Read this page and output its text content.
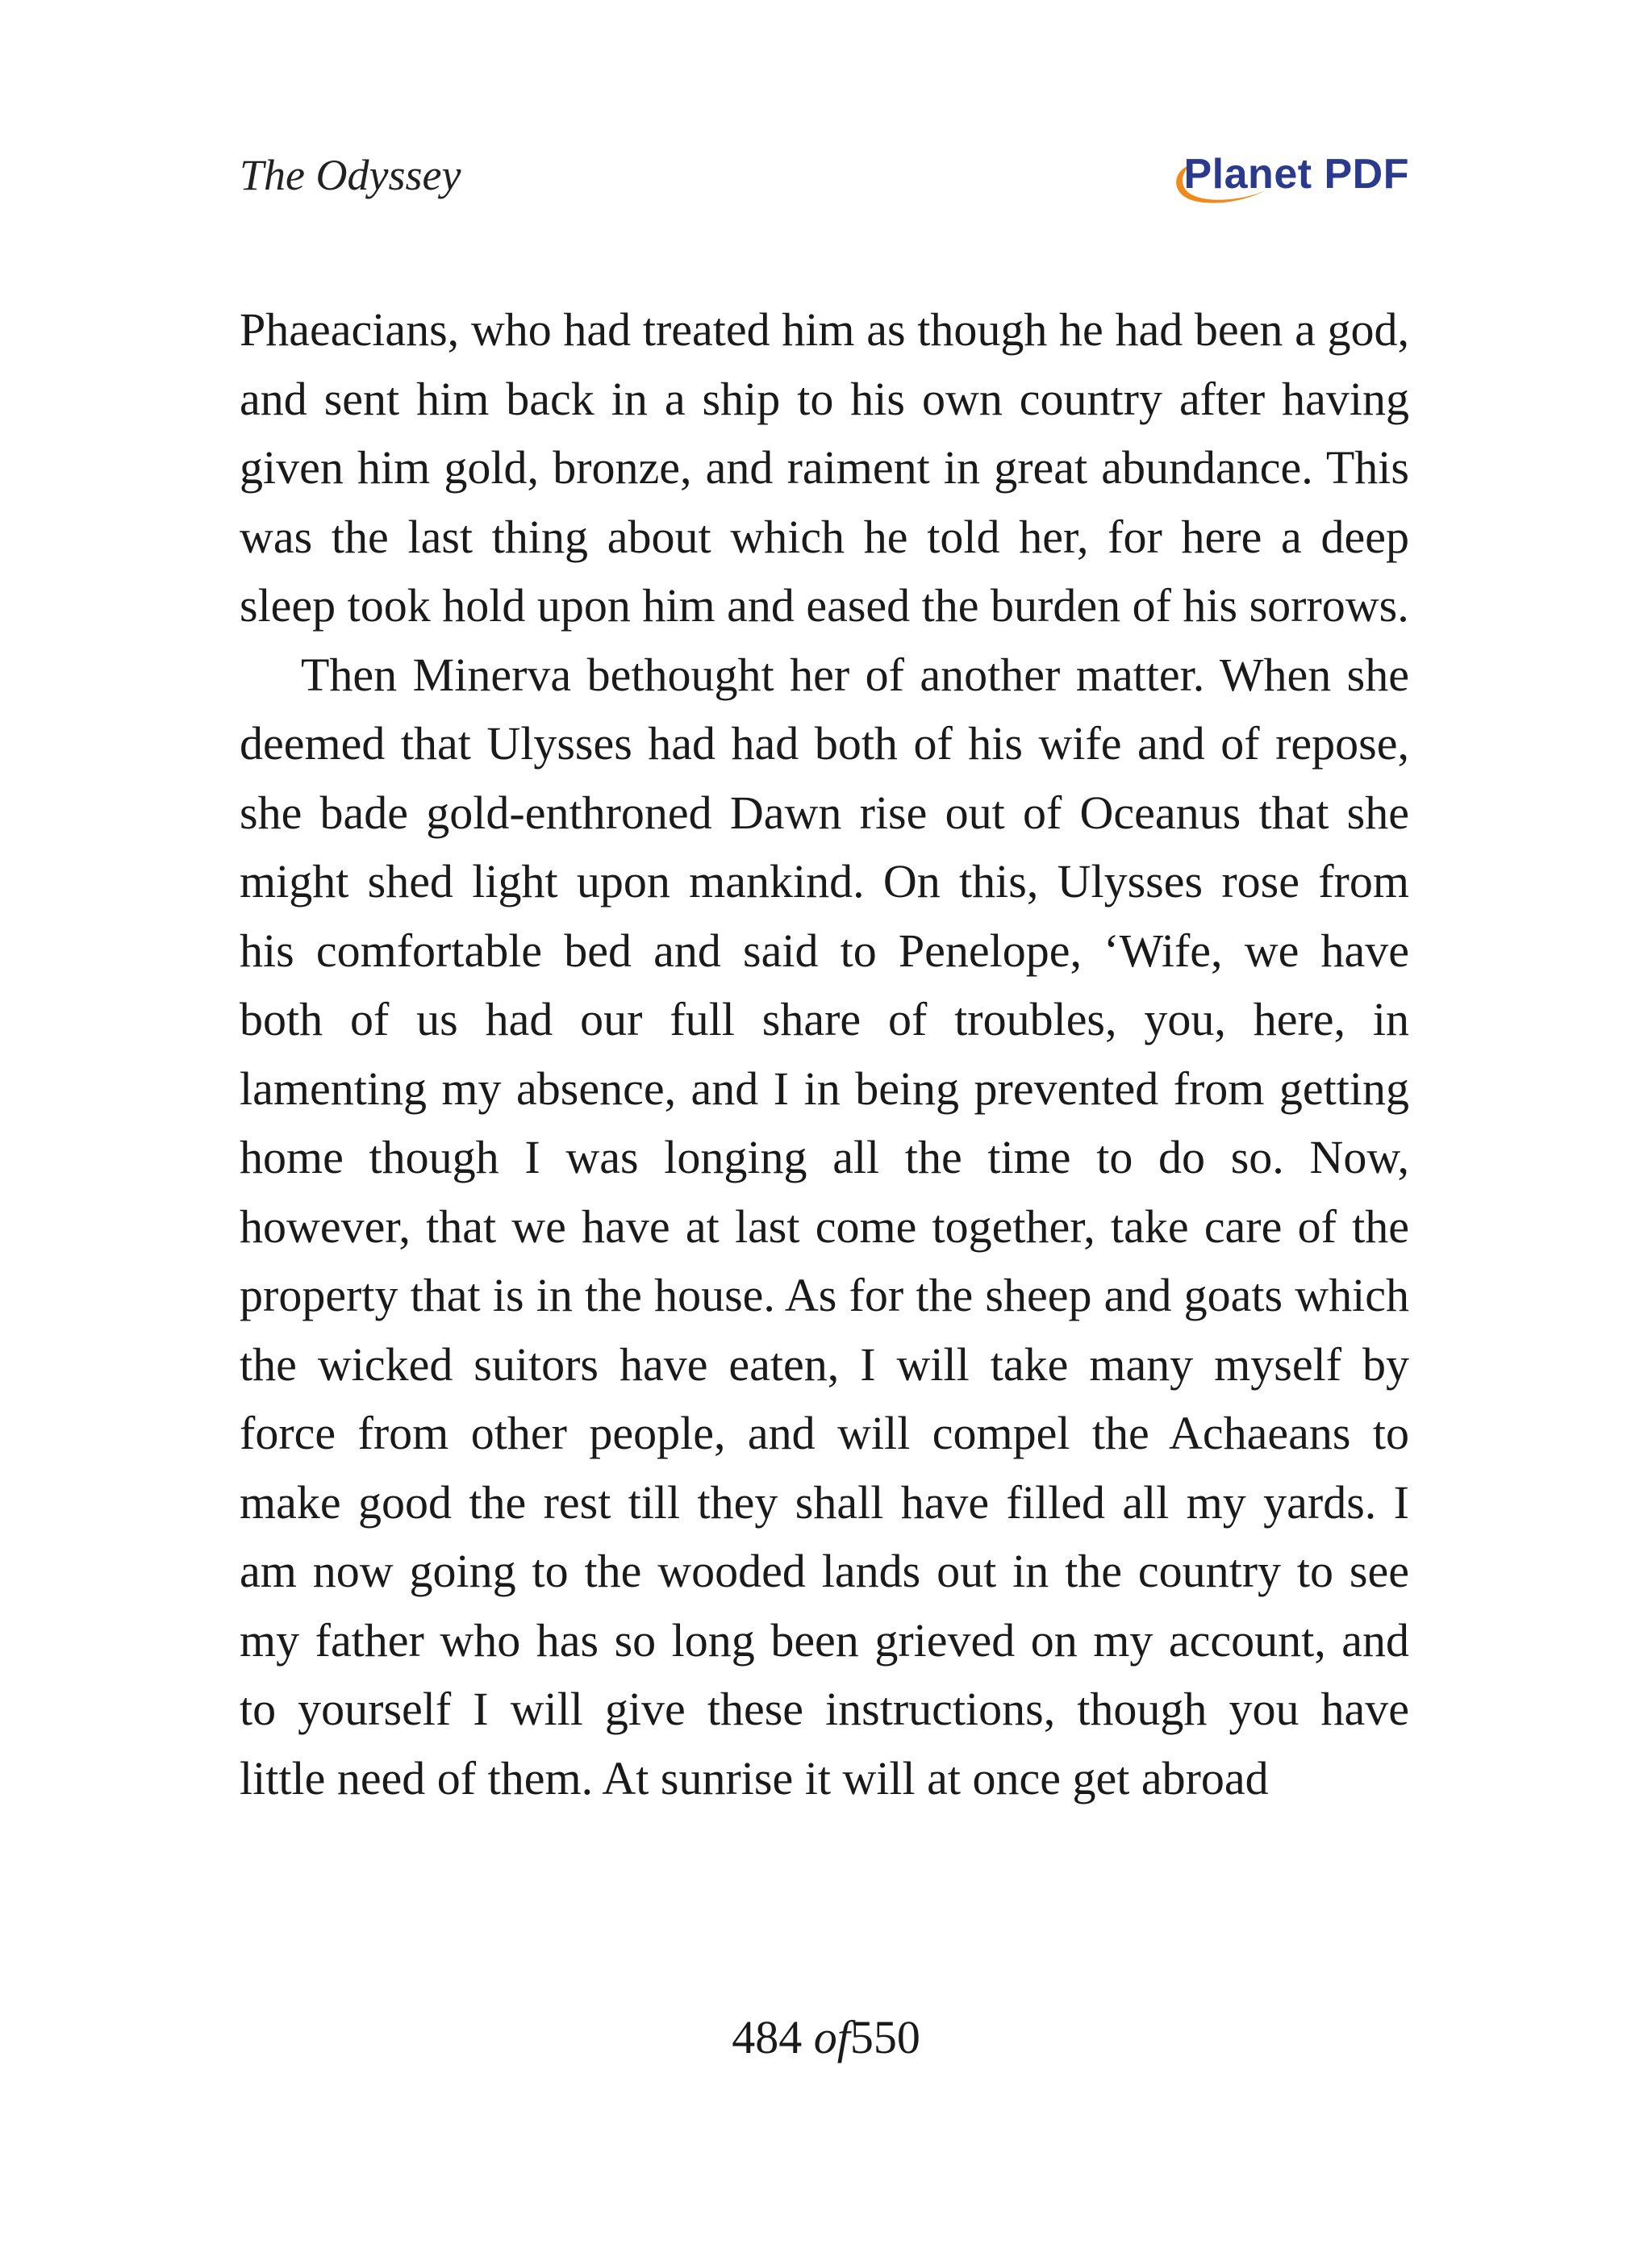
The Odyssey	Planet PDF

Phaeacians, who had treated him as though he had been a god, and sent him back in a ship to his own country after having given him gold, bronze, and raiment in great abundance. This was the last thing about which he told her, for here a deep sleep took hold upon him and eased the burden of his sorrows.

Then Minerva bethought her of another matter. When she deemed that Ulysses had had both of his wife and of repose, she bade gold-enthroned Dawn rise out of Oceanus that she might shed light upon mankind. On this, Ulysses rose from his comfortable bed and said to Penelope, ‘Wife, we have both of us had our full share of troubles, you, here, in lamenting my absence, and I in being prevented from getting home though I was longing all the time to do so. Now, however, that we have at last come together, take care of the property that is in the house. As for the sheep and goats which the wicked suitors have eaten, I will take many myself by force from other people, and will compel the Achaeans to make good the rest till they shall have filled all my yards. I am now going to the wooded lands out in the country to see my father who has so long been grieved on my account, and to yourself I will give these instructions, though you have little need of them. At sunrise it will at once get abroad

484 of550
